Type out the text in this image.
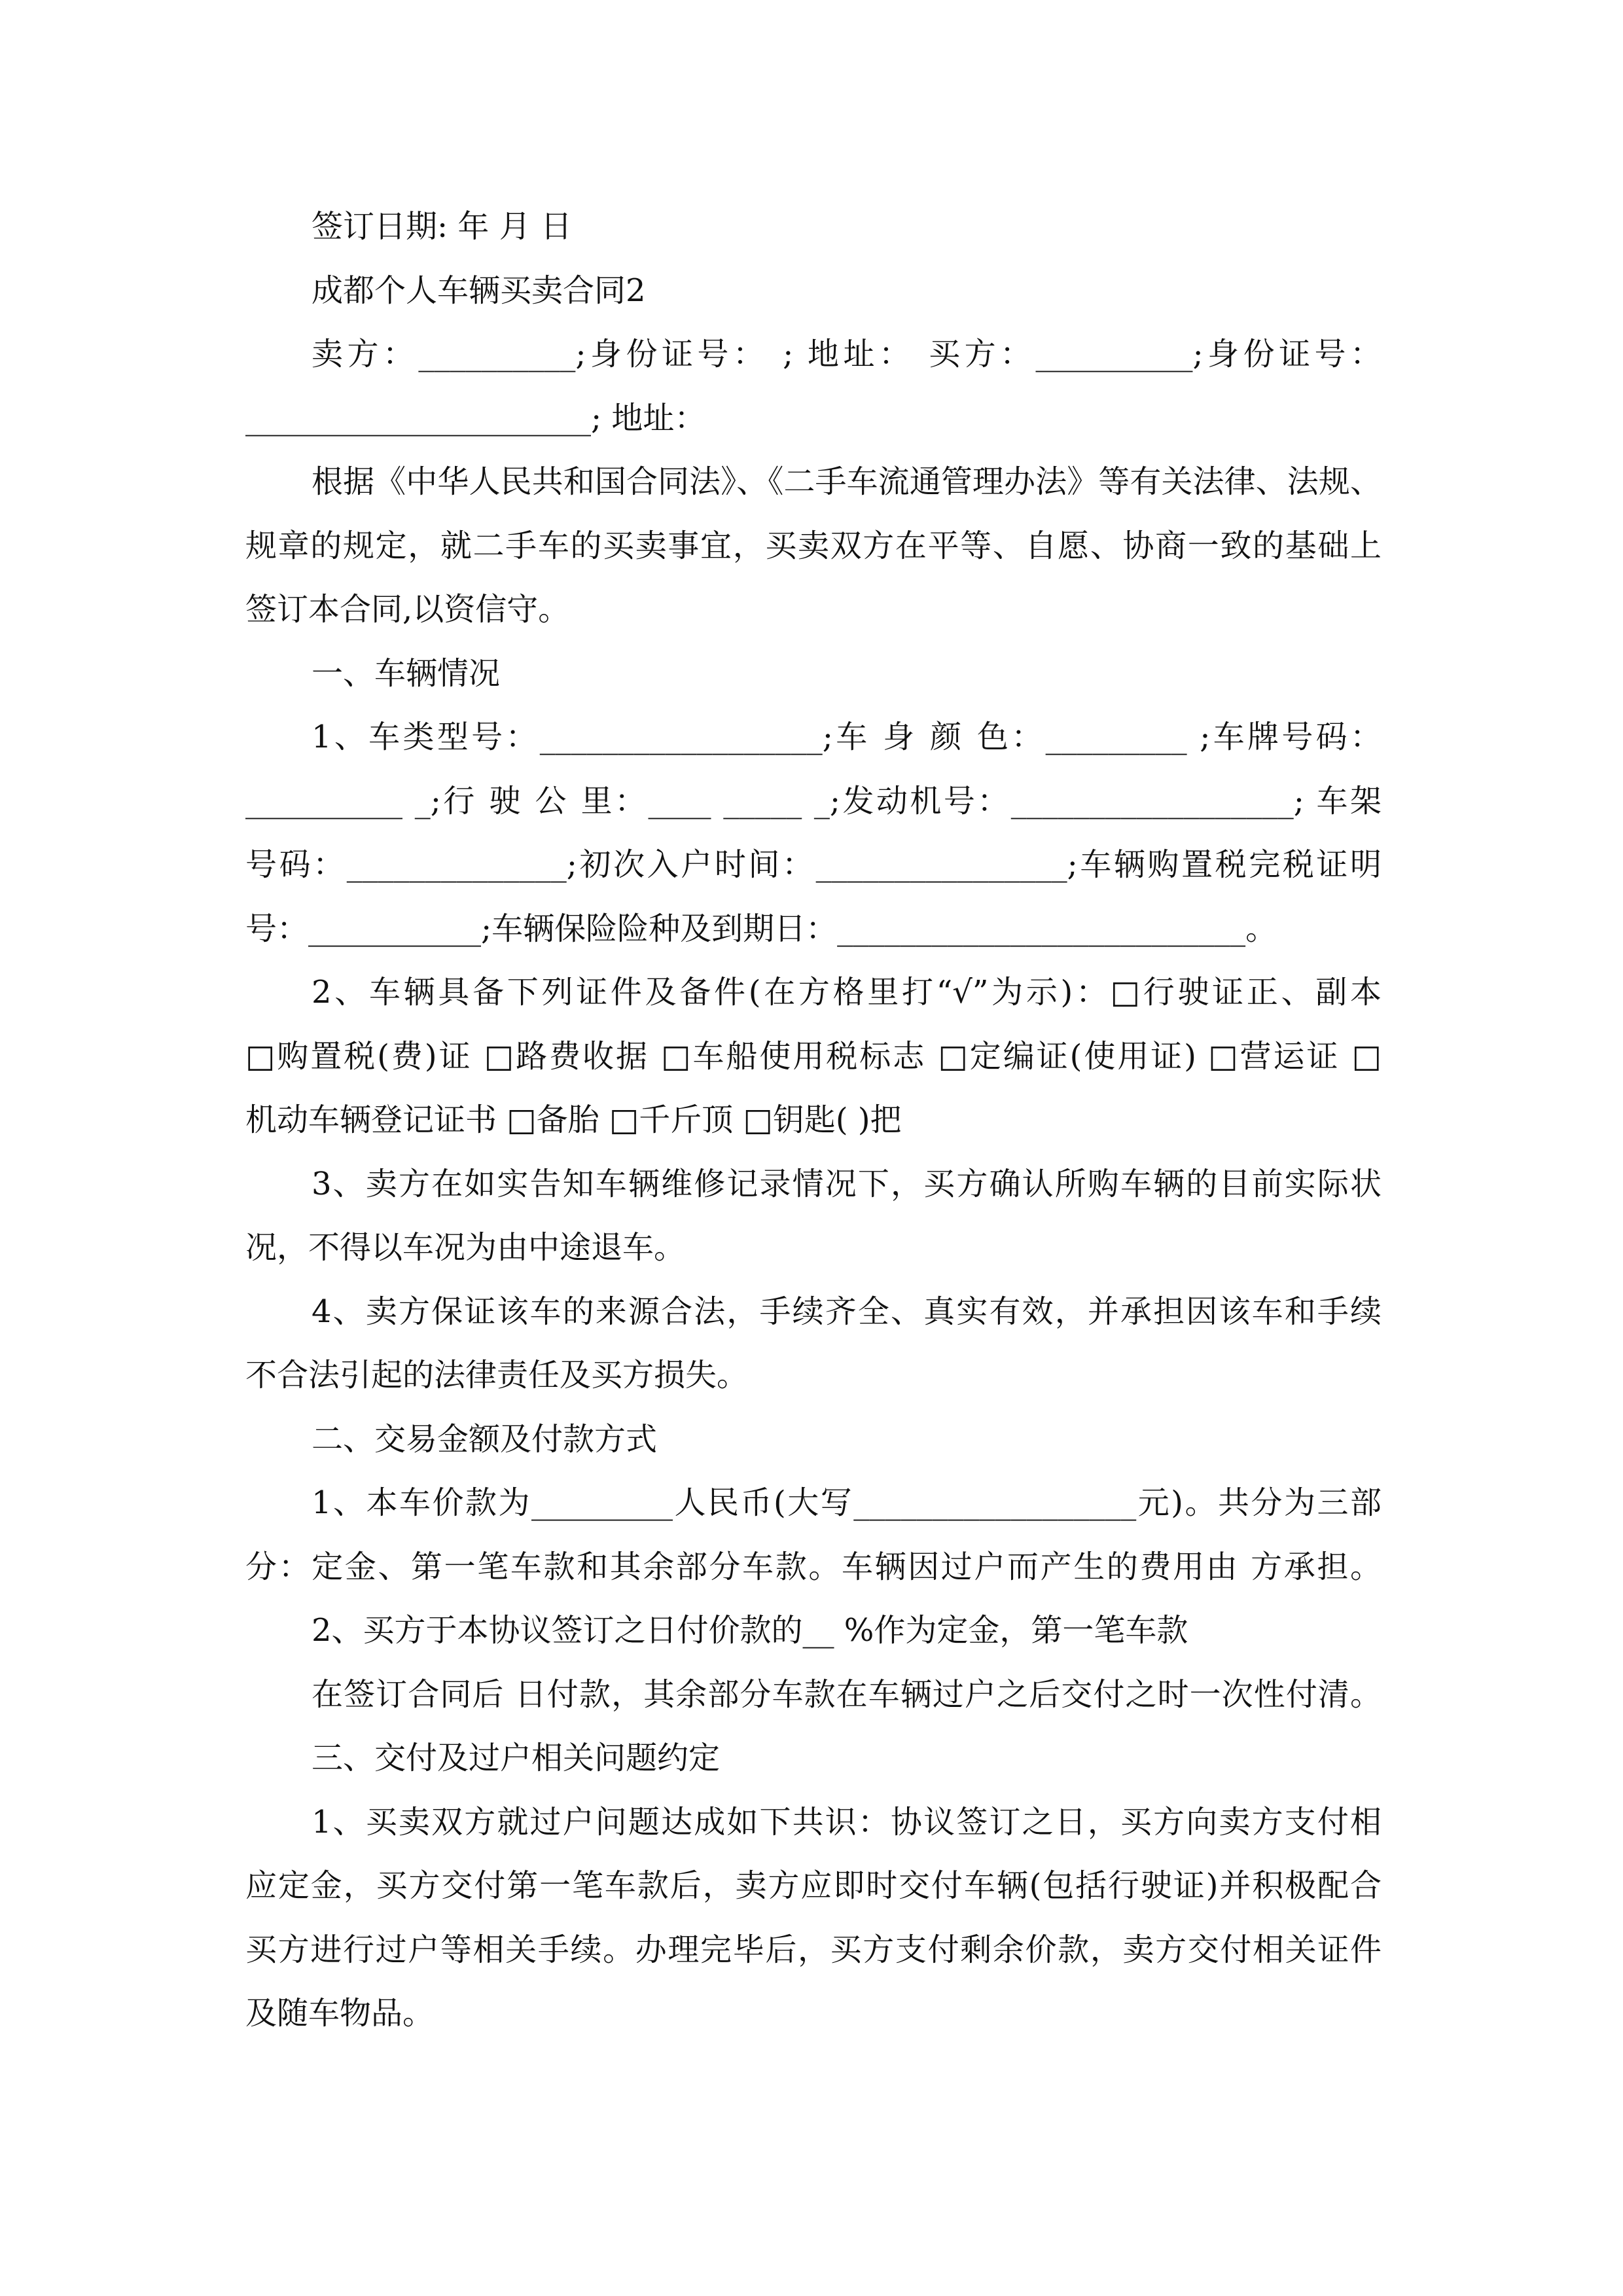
签订日期: 年 月 日
成都个人车辆买卖合同2
卖方：__________;身份证号： ; 地址： 买方：__________;身份证号：
______________________; 地址：
根据《中华人民共和国合同法》、《二手车流通管理办法》等有关法律、法规、
规章的规定，就二手车的买卖事宜，买卖双方在平等、自愿、协商一致的基础上
签订本合同,以资信守。
一、车辆情况
1、车类型号：__________________;车 身 颜 色：_________ ;车牌号码：
__________ _;行 驶 公 里：____ _____ _;发动机号：__________________; 车架
号码：______________;初次入户时间：________________;车辆购置税完税证明
号：___________;车辆保险险种及到期日：__________________________。
2、车辆具备下列证件及备件(在方格里打“√”为示)：□行驶证正、副本
□购置税(费)证 □路费收据 □车船使用税标志 □定编证(使用证) □营运证 □
机动车辆登记证书 □备胎 □千斤顶 □钥匙( )把
3、卖方在如实告知车辆维修记录情况下，买方确认所购车辆的目前实际状
况，不得以车况为由中途退车。
4、卖方保证该车的来源合法，手续齐全、真实有效，并承担因该车和手续
不合法引起的法律责任及买方损失。
二、交易金额及付款方式
1、本车价款为_________人民币(大写__________________元)。共分为三部
分：定金、第一笔车款和其余部分车款。车辆因过户而产生的费用由 方承担。
2、买方于本协议签订之日付价款的__ %作为定金，第一笔车款
在签订合同后 日付款，其余部分车款在车辆过户之后交付之时一次性付清。
三、交付及过户相关问题约定
1、买卖双方就过户问题达成如下共识：协议签订之日，买方向卖方支付相
应定金，买方交付第一笔车款后，卖方应即时交付车辆(包括行驶证)并积极配合
买方进行过户等相关手续。办理完毕后，买方支付剩余价款，卖方交付相关证件
及随车物品。
